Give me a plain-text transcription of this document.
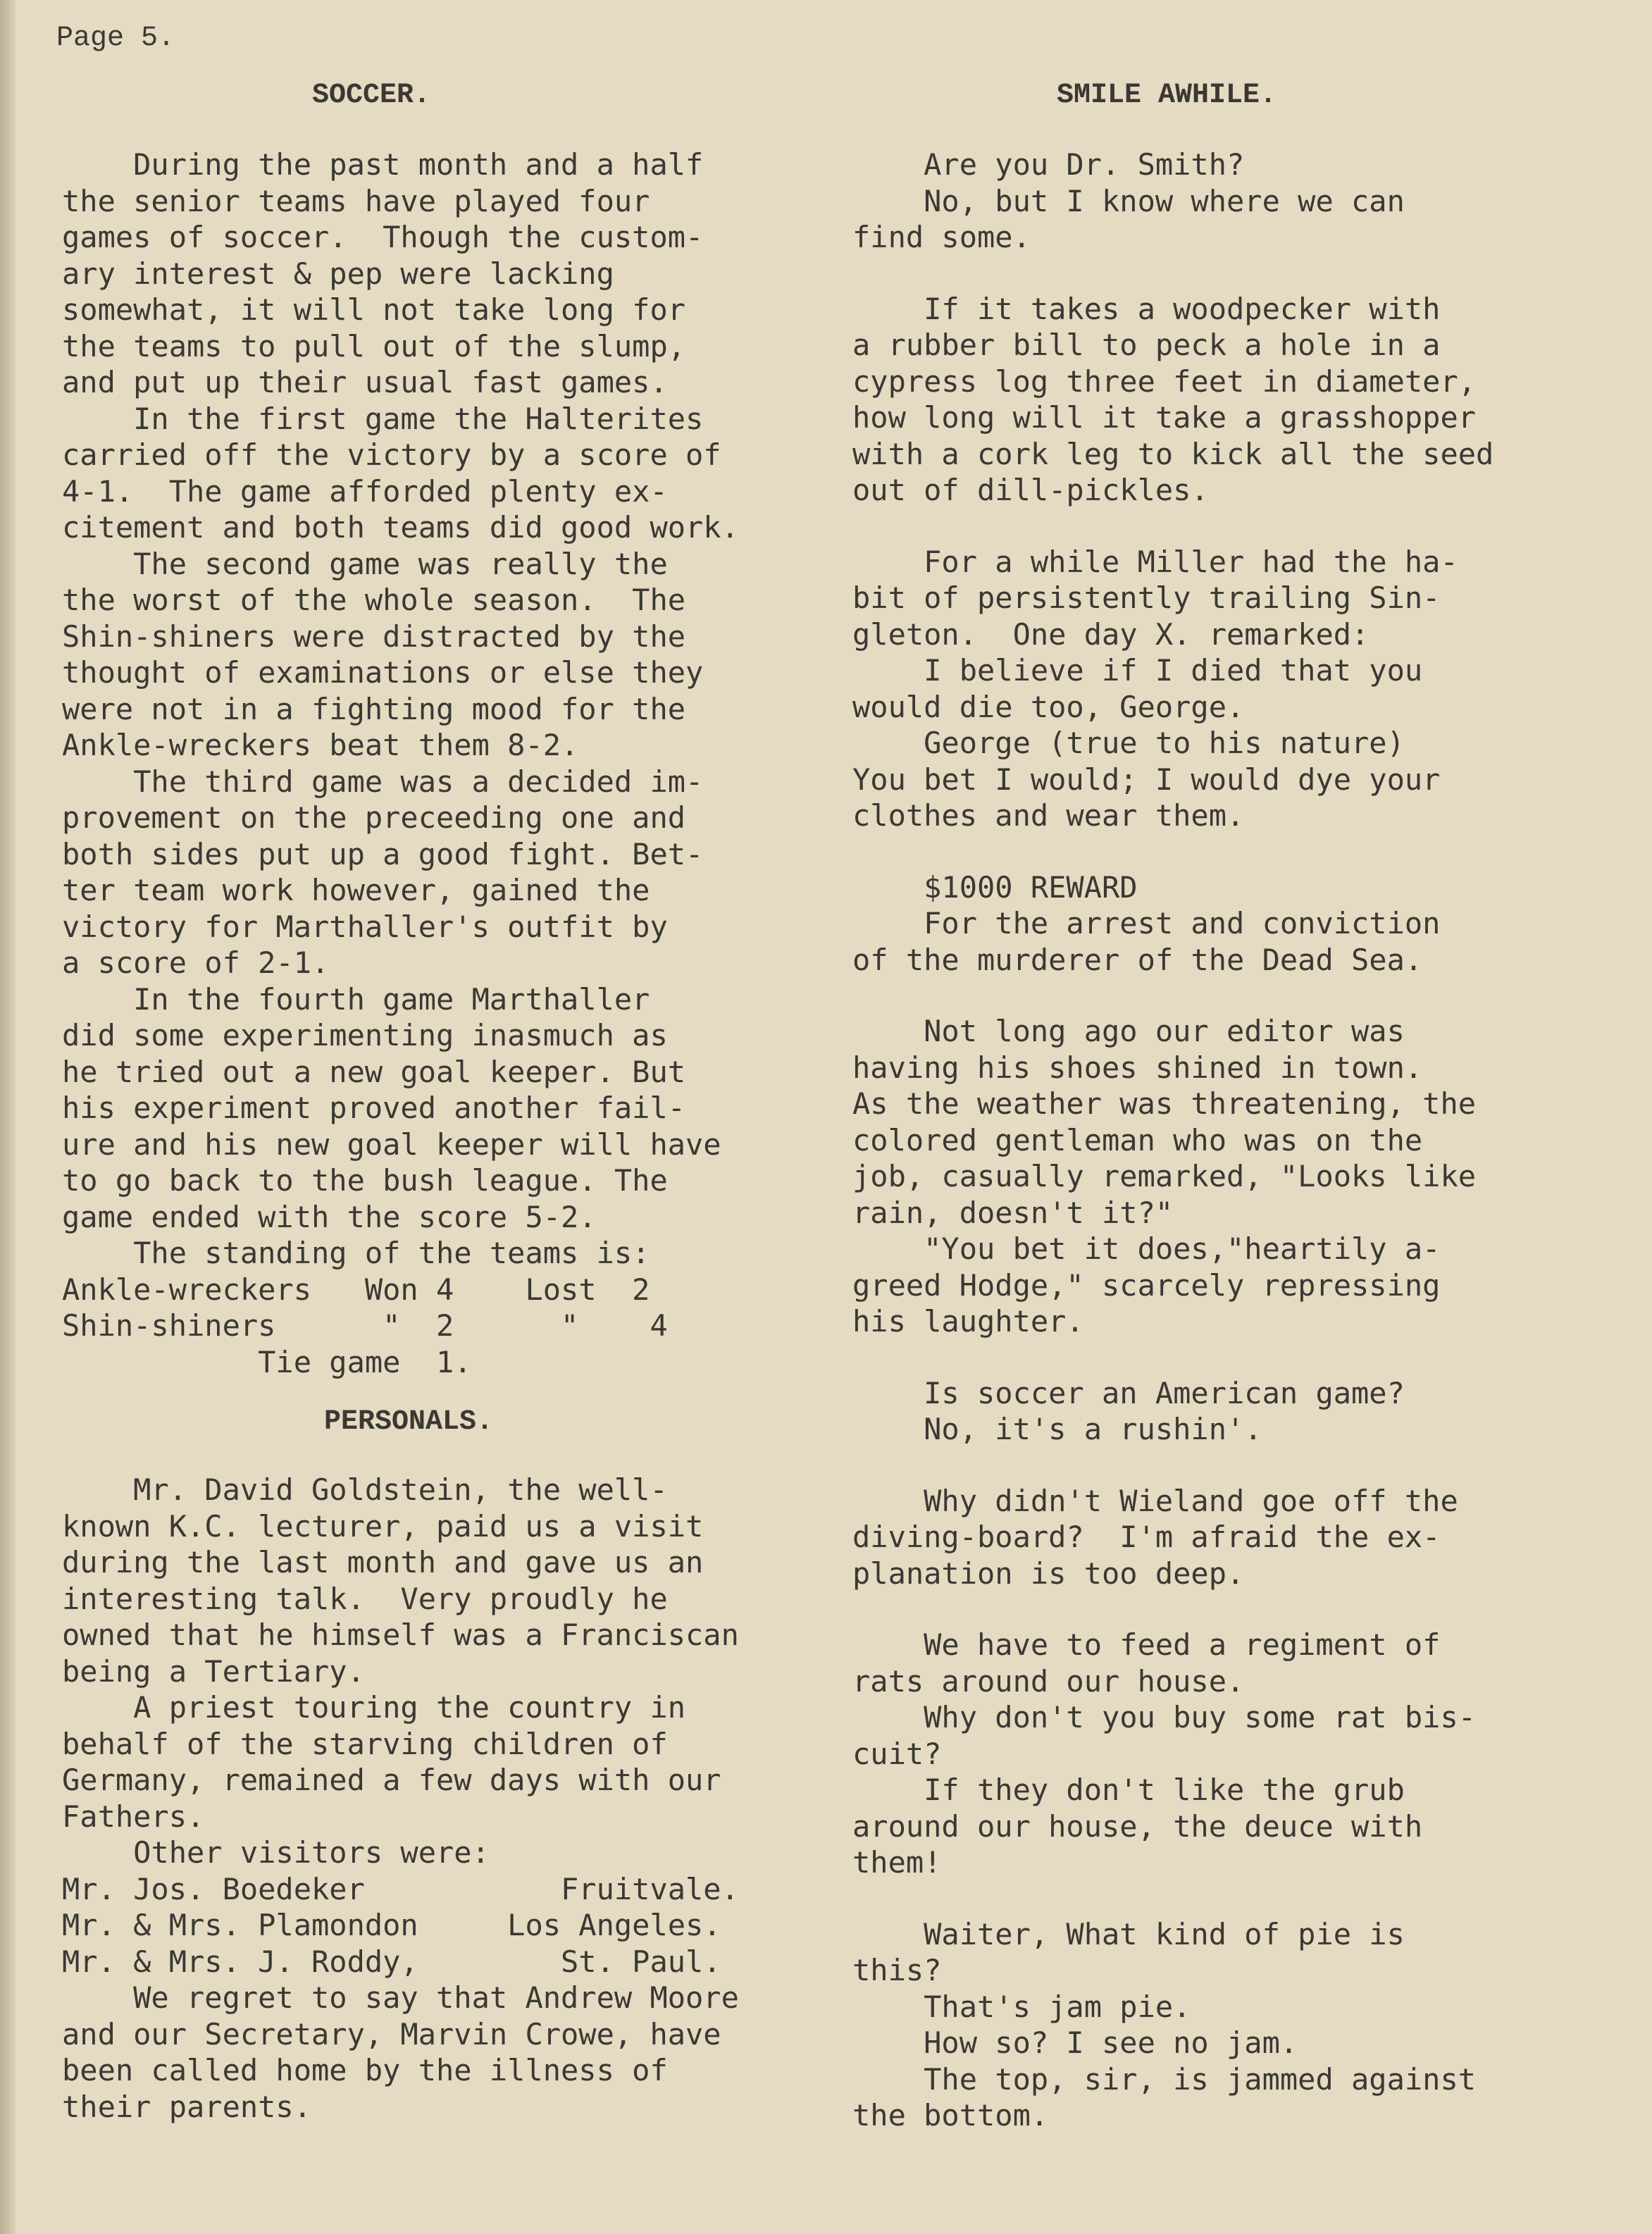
Page 5.
SOCCER.
During the past month and a half
the senior teams have played four
games of soccer.  Though the custom-
ary interest & pep were lacking
somewhat, it will not take long for
the teams to pull out of the slump,
and put up their usual fast games.
In the first game the Halterites
carried off the victory by a score of
4-1.  The game afforded plenty ex-
citement and both teams did good work.
The second game was really the
the worst of the whole season.  The
Shin-shiners were distracted by the
thought of examinations or else they
were not in a fighting mood for the
Ankle-wreckers beat them 8-2.
The third game was a decided im-
provement on the preceeding one and
both sides put up a good fight. Bet-
ter team work however, gained the
victory for Marthaller's outfit by
a score of 2-1.
In the fourth game Marthaller
did some experimenting inasmuch as
he tried out a new goal keeper. But
his experiment proved another fail-
ure and his new goal keeper will have
to go back to the bush league. The
game ended with the score 5-2.
The standing of the teams is:
Ankle-wreckers   Won 4    Lost  2
Shin-shiners      "  2      "    4
Tie game  1.
PERSONALS.
Mr. David Goldstein, the well-
known K.C. lecturer, paid us a visit
during the last month and gave us an
interesting talk.  Very proudly he
owned that he himself was a Franciscan
being a Tertiary.
A priest touring the country in
behalf of the starving children of
Germany, remained a few days with our
Fathers.
Other visitors were:
Mr. Jos. Boedeker           Fruitvale.
Mr. & Mrs. Plamondon     Los Angeles.
Mr. & Mrs. J. Roddy,        St. Paul.
We regret to say that Andrew Moore
and our Secretary, Marvin Crowe, have
been called home by the illness of
their parents.
SMILE AWHILE.
Are you Dr. Smith?
No, but I know where we can
find some.
If it takes a woodpecker with
a rubber bill to peck a hole in a
cypress log three feet in diameter,
how long will it take a grasshopper
with a cork leg to kick all the seed
out of dill-pickles.
For a while Miller had the ha-
bit of persistently trailing Sin-
gleton.  One day X. remarked:
I believe if I died that you
would die too, George.
George (true to his nature)
You bet I would; I would dye your
clothes and wear them.
$1000 REWARD
For the arrest and conviction
of the murderer of the Dead Sea.
Not long ago our editor was
having his shoes shined in town.
As the weather was threatening, the
colored gentleman who was on the
job, casually remarked, "Looks like
rain, doesn't it?"
"You bet it does,"heartily a-
greed Hodge," scarcely repressing
his laughter.
Is soccer an American game?
No, it's a rushin'.
Why didn't Wieland goe off the
diving-board?  I'm afraid the ex-
planation is too deep.
We have to feed a regiment of
rats around our house.
Why don't you buy some rat bis-
cuit?
If they don't like the grub
around our house, the deuce with
them!
Waiter, What kind of pie is
this?
That's jam pie.
How so? I see no jam.
The top, sir, is jammed against
the bottom.
